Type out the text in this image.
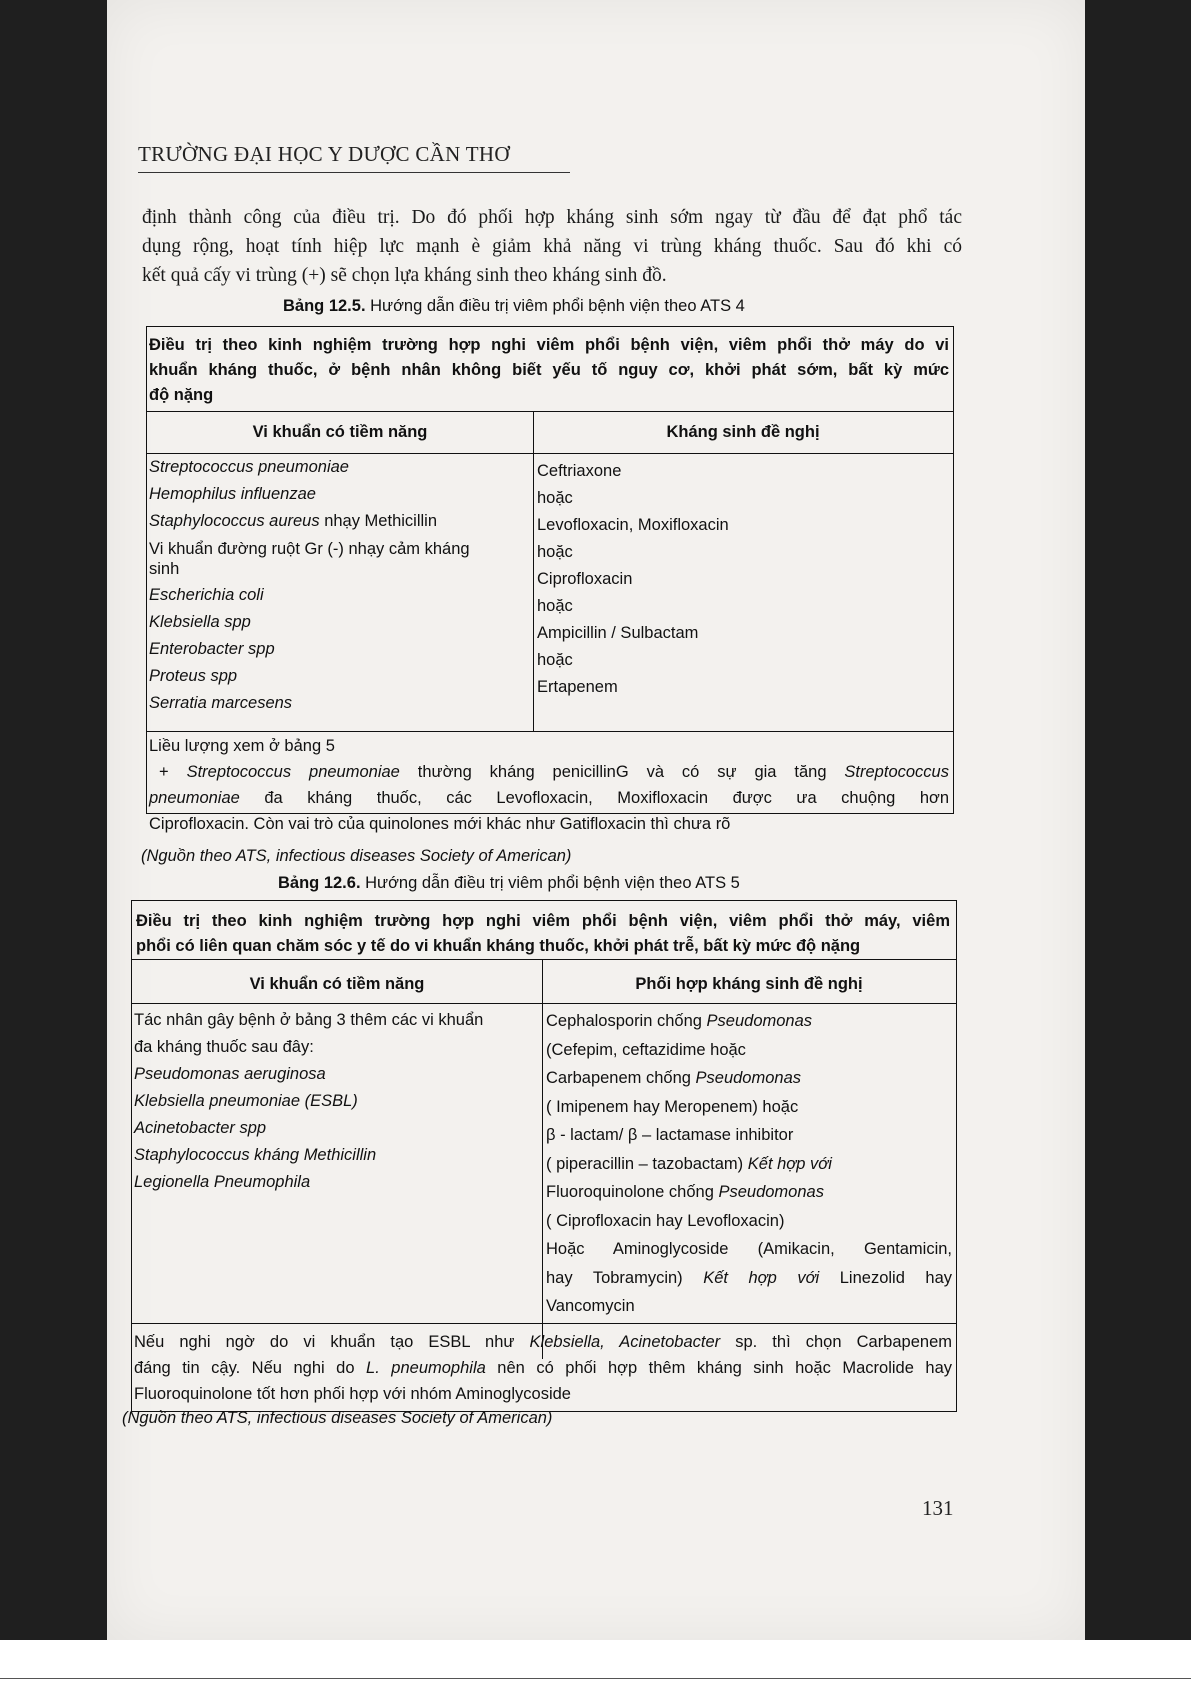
TRƯỜNG ĐẠI HỌC Y DƯỢC CẦN THƠ
định thành công của điều trị. Do đó phối hợp kháng sinh sớm ngay từ đầu để đạt phổ tác
dụng rộng, hoạt tính hiệp lực mạnh è giảm khả năng vi trùng kháng thuốc. Sau đó khi có
kết quả cấy vi trùng (+) sẽ chọn lựa kháng sinh theo kháng sinh đồ.
Bảng 12.5. Hướng dẫn điều trị viêm phổi bệnh viện theo ATS 4
Điều trị theo kinh nghiệm trường hợp nghi viêm phổi bệnh viện, viêm phổi thở máy do vi
khuẩn kháng thuốc, ở bệnh nhân không biết yếu tố nguy cơ, khởi phát sớm, bất kỳ mức
độ nặng
Vi khuẩn có tiềm năng	Kháng sinh đề nghị
Streptococcus pneumoniae
Hemophilus influenzae
Staphylococcus aureus nhạy Methicillin
Vi khuẩn đường ruột Gr (-) nhạy cảm kháng
sinh
Escherichia coli
Klebsiella spp
Enterobacter spp
Proteus spp
Serratia marcesens
Ceftriaxone
hoặc
Levofloxacin, Moxifloxacin
hoặc
Ciprofloxacin
hoặc
Ampicillin / Sulbactam
hoặc
Ertapenem
Liều lượng xem ở bảng 5
+ Streptococcus pneumoniae thường kháng penicillinG và có sự gia tăng Streptococcus
pneumoniae đa kháng thuốc, các Levofloxacin, Moxifloxacin được ưa chuộng hơn
Ciprofloxacin. Còn vai trò của quinolones mới khác như Gatifloxacin thì chưa rõ
(Nguồn theo ATS, infectious diseases Society of American)
Bảng 12.6. Hướng dẫn điều trị viêm phổi bệnh viện theo ATS 5
Điều trị theo kinh nghiệm trường hợp nghi viêm phổi bệnh viện, viêm phổi thở máy, viêm
phổi có liên quan chăm sóc y tế do vi khuẩn kháng thuốc, khởi phát trễ, bất kỳ mức độ nặng
Vi khuẩn có tiềm năng	Phối hợp kháng sinh đề nghị
Tác nhân gây bệnh ở bảng 3 thêm các vi khuẩn
đa kháng thuốc sau đây:
Pseudomonas aeruginosa
Klebsiella pneumoniae (ESBL)
Acinetobacter spp
Staphylococcus kháng Methicillin
Legionella Pneumophila
Cephalosporin chống Pseudomonas
(Cefepim, ceftazidime hoặc
Carbapenem chống Pseudomonas
( Imipenem hay Meropenem) hoặc
β - lactam/ β – lactamase inhibitor
( piperacillin – tazobactam) Kết hợp với
Fluoroquinolone chống Pseudomonas
( Ciprofloxacin hay Levofloxacin)
Hoặc Aminoglycoside (Amikacin, Gentamicin,
hay Tobramycin) Kết hợp với Linezolid hay
Vancomycin
Nếu nghi ngờ do vi khuẩn tạo ESBL như Klebsiella, Acinetobacter sp. thì chọn Carbapenem
đáng tin cậy. Nếu nghi do L. pneumophila nên có phối hợp thêm kháng sinh hoặc Macrolide hay
Fluoroquinolone tốt hơn phối hợp với nhóm Aminoglycoside
(Nguồn theo ATS, infectious diseases Society of American)
131
